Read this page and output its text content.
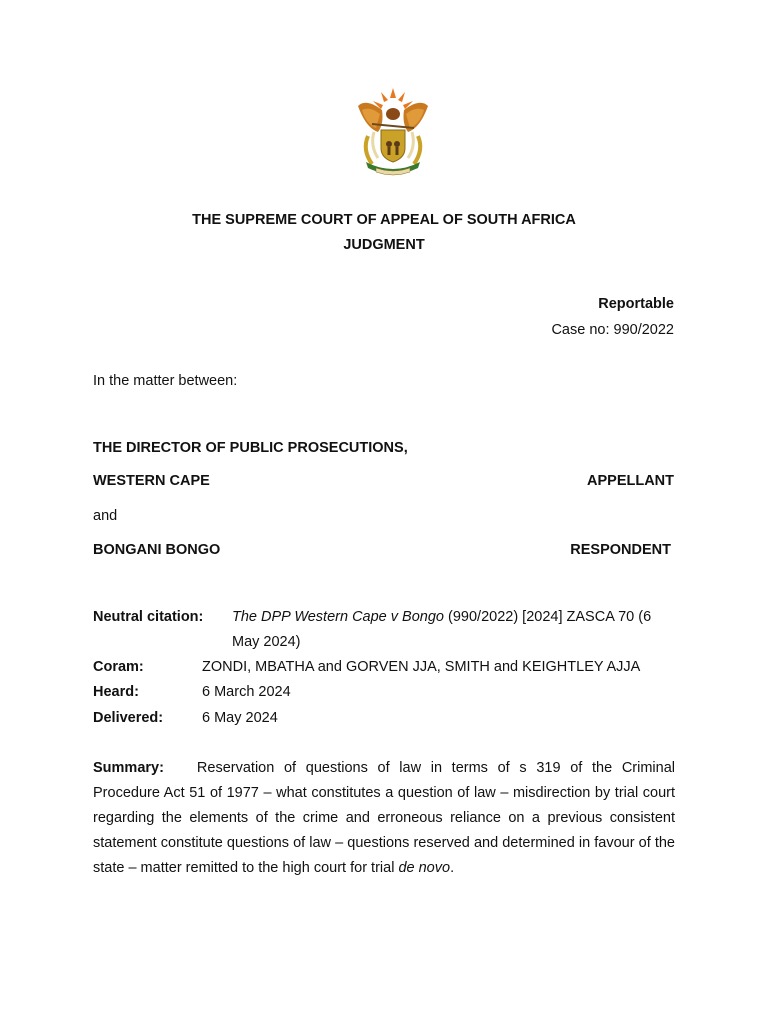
THE SUPREME COURT OF APPEAL OF SOUTH AFRICA
JUDGMENT
Reportable
Case no: 990/2022
In the matter between:
THE DIRECTOR OF PUBLIC PROSECUTIONS,
WESTERN CAPE	APPELLANT
and
BONGANI BONGO	RESPONDENT
Neutral citation: The DPP Western Cape v Bongo (990/2022) [2024] ZASCA 70 (6
May 2024)
Coram:	ZONDI, MBATHA and GORVEN JJA, SMITH and KEIGHTLEY AJJA
Heard:	6 March 2024
Delivered:	6 May 2024
Summary: Reservation of questions of law in terms of s 319 of the Criminal Procedure Act 51 of 1977 – what constitutes a question of law – misdirection by trial court regarding the elements of the crime and erroneous reliance on a previous consistent statement constitute questions of law – questions reserved and determined in favour of the state – matter remitted to the high court for trial de novo.
